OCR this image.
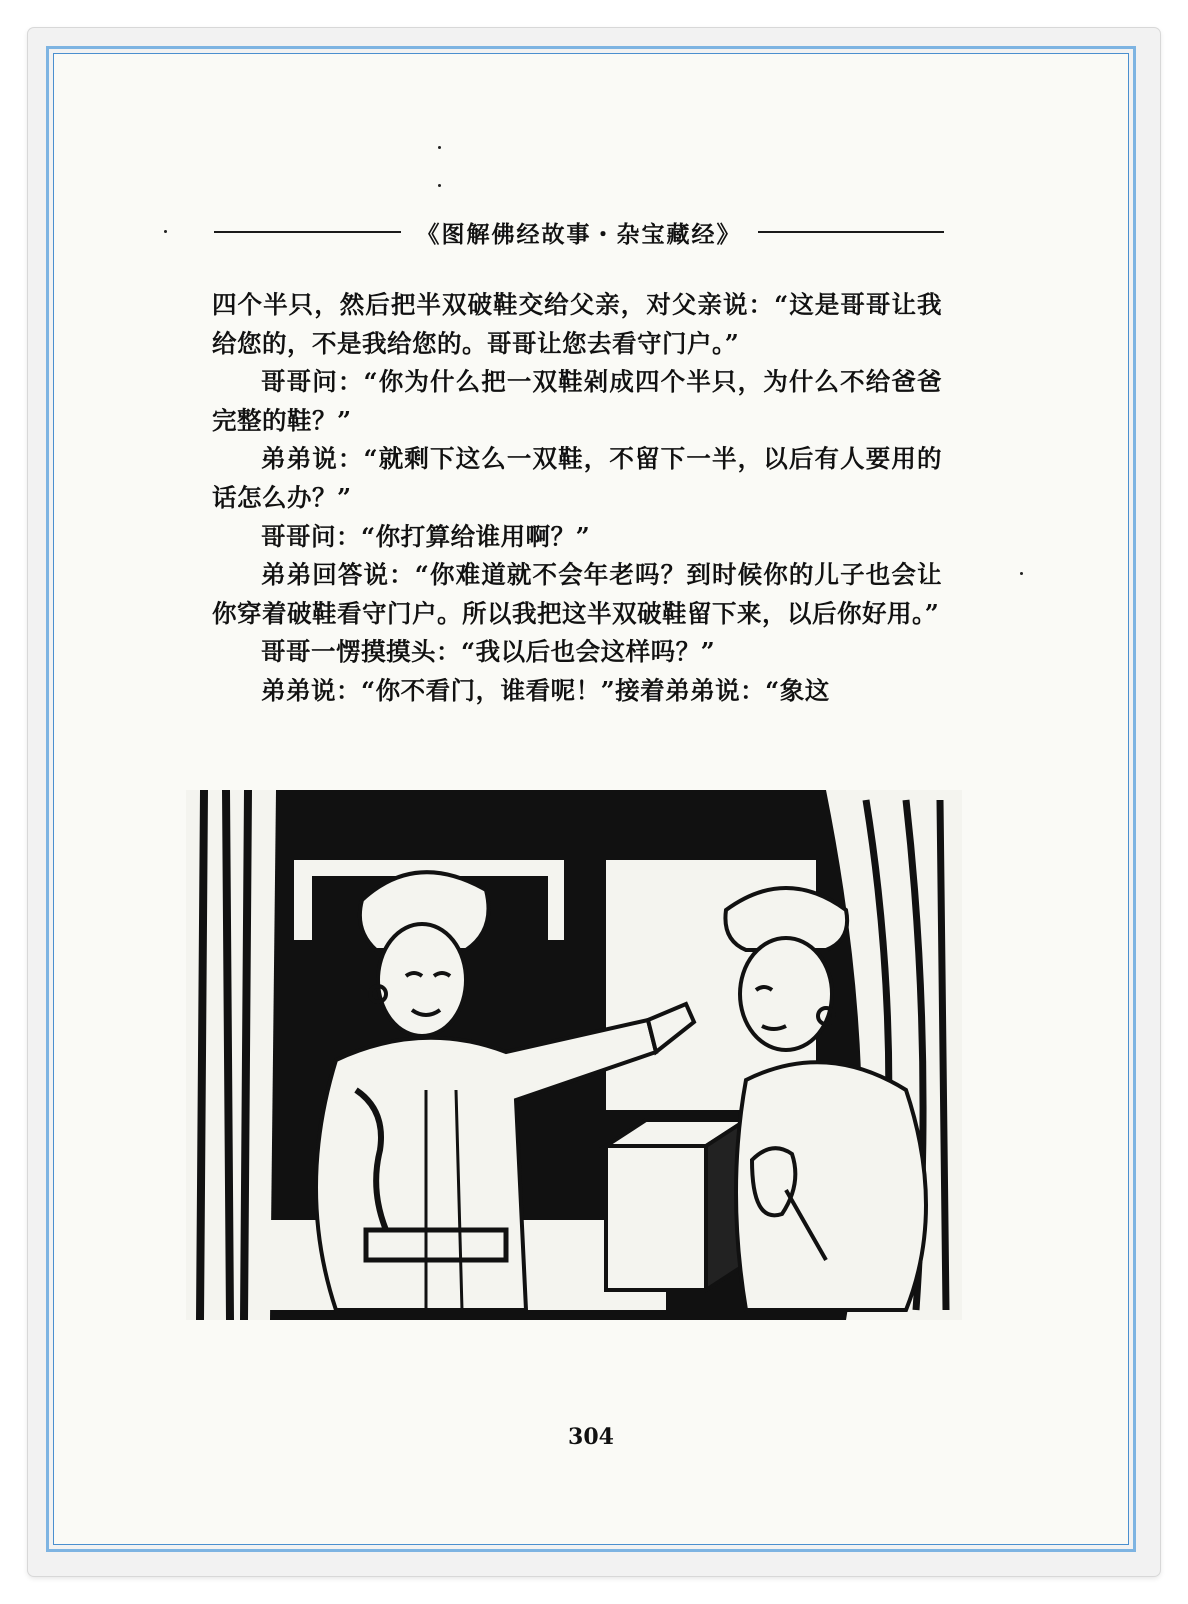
《图解佛经故事・杂宝藏经》

四个半只，然后把半双破鞋交给父亲，对父亲说：“这是哥哥让我给您的，不是我给您的。哥哥让您去看守门户。”

哥哥问：“你为什么把一双鞋剁成四个半只，为什么不给爸爸完整的鞋？”

弟弟说：“就剩下这么一双鞋，不留下一半，以后有人要用的话怎么办？”

哥哥问：“你打算给谁用啊？”

弟弟回答说：“你难道就不会年老吗？到时候你的儿子也会让你穿着破鞋看守门户。所以我把这半双破鞋留下来，以后你好用。”

哥哥一愣摸摸头：“我以后也会这样吗？”

弟弟说：“你不看门，谁看呢！”接着弟弟说：“象这

304
